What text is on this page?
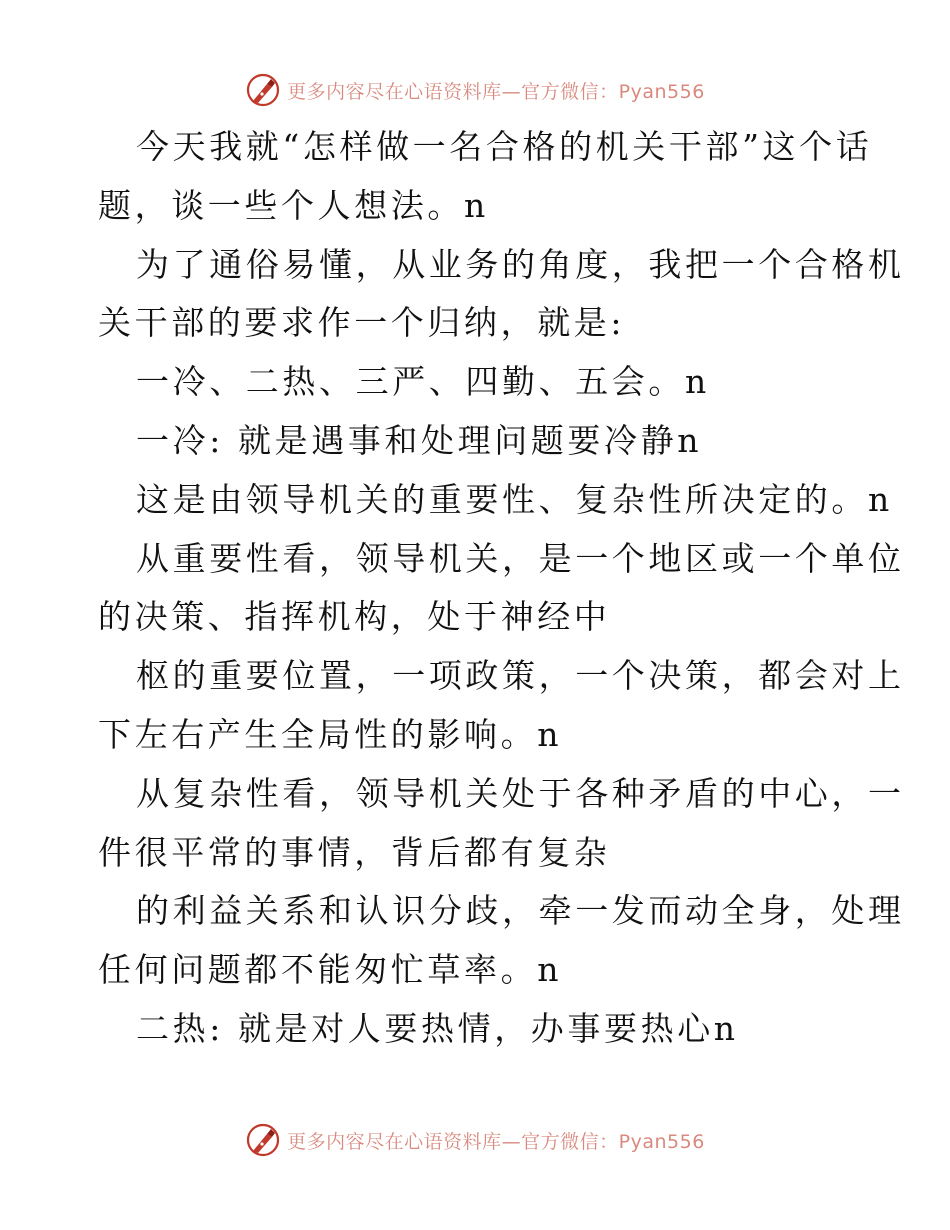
更多内容尽在心语资料库—官方微信：Pyan556
今天我就“怎样做一名合格的机关干部”这个话
题，谈一些个人想法。n
为了通俗易懂，从业务的角度，我把一个合格机
关干部的要求作一个归纳，就是:
一冷、二热、三严、四勤、五会。n
一冷: 就是遇事和处理问题要冷静n
这是由领导机关的重要性、复杂性所决定的。n
从重要性看，领导机关，是一个地区或一个单位
的决策、指挥机构，处于神经中
枢的重要位置，一项政策，一个决策，都会对上
下左右产生全局性的影响。n
从复杂性看，领导机关处于各种矛盾的中心，一
件很平常的事情，背后都有复杂
的利益关系和认识分歧，牵一发而动全身，处理
任何问题都不能匆忙草率。n
二热: 就是对人要热情，办事要热心n
更多内容尽在心语资料库—官方微信：Pyan556
